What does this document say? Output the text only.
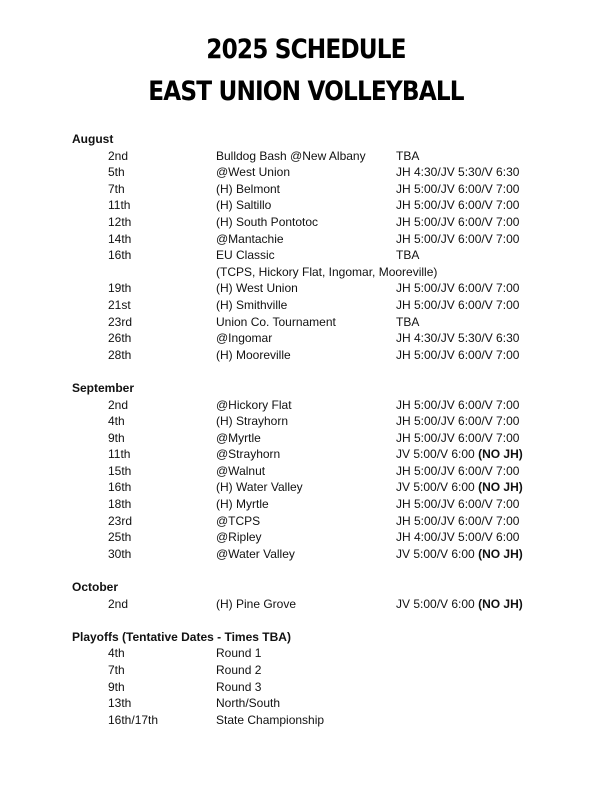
2025 SCHEDULE
EAST UNION VOLLEYBALL
August
2nd	Bulldog Bash @New Albany	TBA
5th	@West Union	JH 4:30/JV 5:30/V 6:30
7th	(H) Belmont	JH 5:00/JV 6:00/V 7:00
11th	(H) Saltillo	JH 5:00/JV 6:00/V 7:00
12th	(H) South Pontotoc	JH 5:00/JV 6:00/V 7:00
14th	@Mantachie	JH 5:00/JV 6:00/V 7:00
16th	EU Classic	TBA
(TCPS, Hickory Flat, Ingomar, Mooreville)
19th	(H) West Union	JH 5:00/JV 6:00/V 7:00
21st	(H) Smithville	JH 5:00/JV 6:00/V 7:00
23rd	Union Co. Tournament	TBA
26th	@Ingomar	JH 4:30/JV 5:30/V 6:30
28th	(H) Mooreville	JH 5:00/JV 6:00/V 7:00
September
2nd	@Hickory Flat	JH 5:00/JV 6:00/V 7:00
4th	(H) Strayhorn	JH 5:00/JV 6:00/V 7:00
9th	@Myrtle	JH 5:00/JV 6:00/V 7:00
11th	@Strayhorn	JV 5:00/V 6:00 (NO JH)
15th	@Walnut	JH 5:00/JV 6:00/V 7:00
16th	(H) Water Valley	JV 5:00/V 6:00 (NO JH)
18th	(H) Myrtle	JH 5:00/JV 6:00/V 7:00
23rd	@TCPS	JH 5:00/JV 6:00/V 7:00
25th	@Ripley	JH 4:00/JV 5:00/V 6:00
30th	@Water Valley	JV 5:00/V 6:00 (NO JH)
October
2nd	(H) Pine Grove	JV 5:00/V 6:00 (NO JH)
Playoffs (Tentative Dates - Times TBA)
4th	Round 1
7th	Round 2
9th	Round 3
13th	North/South
16th/17th	State Championship
